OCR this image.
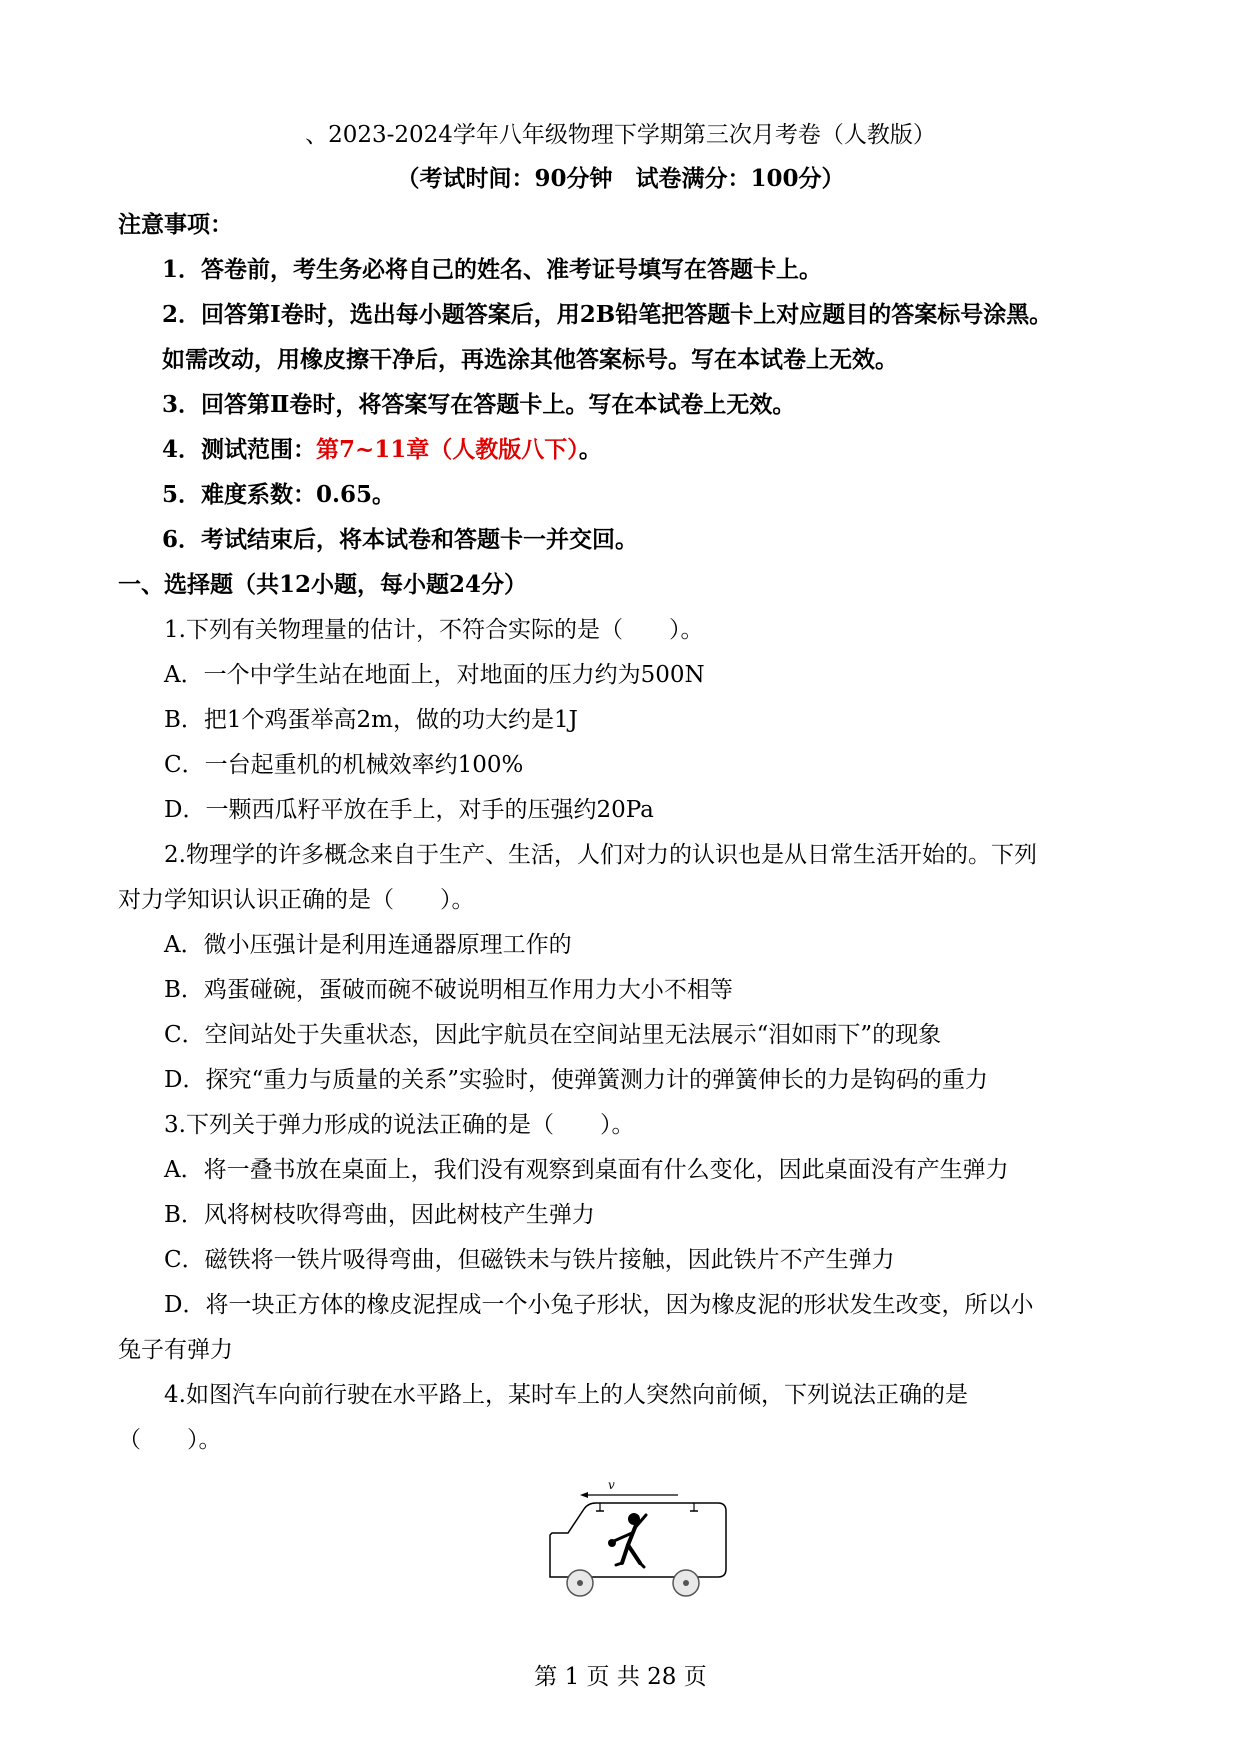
、2023-2024学年八年级物理下学期第三次月考卷（人教版）
（考试时间：90分钟　试卷满分：100分）
注意事项：
1．答卷前，考生务必将自己的姓名、准考证号填写在答题卡上。
2．回答第Ⅰ卷时，选出每小题答案后，用2B铅笔把答题卡上对应题目的答案标号涂黑。
如需改动，用橡皮擦干净后，再选涂其他答案标号。写在本试卷上无效。
3．回答第Ⅱ卷时，将答案写在答题卡上。写在本试卷上无效。
4．测试范围：第7~11章（人教版八下）。
5．难度系数：0.65。
6．考试结束后，将本试卷和答题卡一并交回。
一、选择题（共12小题，每小题24分）
1.下列有关物理量的估计，不符合实际的是（　　）。
A．一个中学生站在地面上，对地面的压力约为500N
B．把1个鸡蛋举高2m，做的功大约是1J
C．一台起重机的机械效率约100%
D．一颗西瓜籽平放在手上，对手的压强约20Pa
2.物理学的许多概念来自于生产、生活，人们对力的认识也是从日常生活开始的。下列
对力学知识认识正确的是（　　）。
A．微小压强计是利用连通器原理工作的
B．鸡蛋碰碗，蛋破而碗不破说明相互作用力大小不相等
C．空间站处于失重状态，因此宇航员在空间站里无法展示“泪如雨下”的现象
D．探究“重力与质量的关系”实验时，使弹簧测力计的弹簧伸长的力是钩码的重力
3.下列关于弹力形成的说法正确的是（　　）。
A．将一叠书放在桌面上，我们没有观察到桌面有什么变化，因此桌面没有产生弹力
B．风将树枝吹得弯曲，因此树枝产生弹力
C．磁铁将一铁片吸得弯曲，但磁铁未与铁片接触，因此铁片不产生弹力
D．将一块正方体的橡皮泥捏成一个小兔子形状，因为橡皮泥的形状发生改变，所以小
兔子有弹力
4.如图汽车向前行驶在水平路上，某时车上的人突然向前倾，下列说法正确的是
（　　）。
v
第 1 页 共 28 页
